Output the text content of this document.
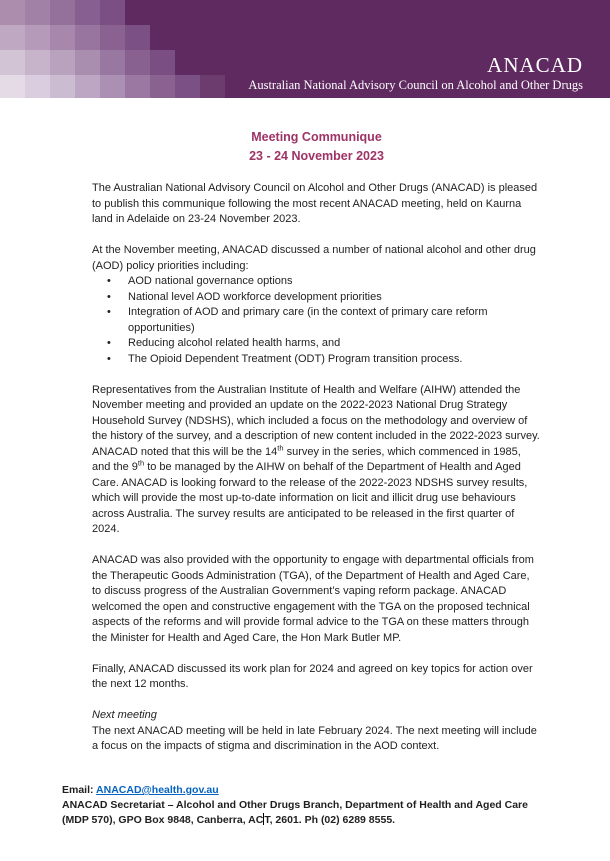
ANACAD
Australian National Advisory Council on Alcohol and Other Drugs
Meeting Communique
23 - 24 November 2023

The Australian National Advisory Council on Alcohol and Other Drugs (ANACAD) is pleased to publish this communique following the most recent ANACAD meeting, held on Kaurna land in Adelaide on 23-24 November 2023.

At the November meeting, ANACAD discussed a number of national alcohol and other drug (AOD) policy priorities including:

• AOD national governance options
• National level AOD workforce development priorities
• Integration of AOD and primary care (in the context of primary care reform opportunities)
• Reducing alcohol related health harms, and
• The Opioid Dependent Treatment (ODT) Program transition process.

Representatives from the Australian Institute of Health and Welfare (AIHW) attended the November meeting and provided an update on the 2022-2023 National Drug Strategy Household Survey (NDSHS), which included a focus on the methodology and overview of the history of the survey, and a description of new content included in the 2022-2023 survey. ANACAD noted that this will be the 14th survey in the series, which commenced in 1985, and the 9th to be managed by the AIHW on behalf of the Department of Health and Aged Care. ANACAD is looking forward to the release of the 2022-2023 NDSHS survey results, which will provide the most up-to-date information on licit and illicit drug use behaviours across Australia. The survey results are anticipated to be released in the first quarter of 2024.

ANACAD was also provided with the opportunity to engage with departmental officials from the Therapeutic Goods Administration (TGA), of the Department of Health and Aged Care, to discuss progress of the Australian Government’s vaping reform package. ANACAD welcomed the open and constructive engagement with the TGA on the proposed technical aspects of the reforms and will provide formal advice to the TGA on these matters through the Minister for Health and Aged Care, the Hon Mark Butler MP.

Finally, ANACAD discussed its work plan for 2024 and agreed on key topics for action over the next 12 months.

Next meeting

The next ANACAD meeting will be held in late February 2024. The next meeting will include a focus on the impacts of stigma and discrimination in the AOD context.

Email: ANACAD@health.gov.au

ANACAD Secretariat – Alcohol and Other Drugs Branch, Department of Health and Aged Care

(MDP 570), GPO Box 9848, Canberra, ACT, 2601. Ph (02) 6289 8555.
